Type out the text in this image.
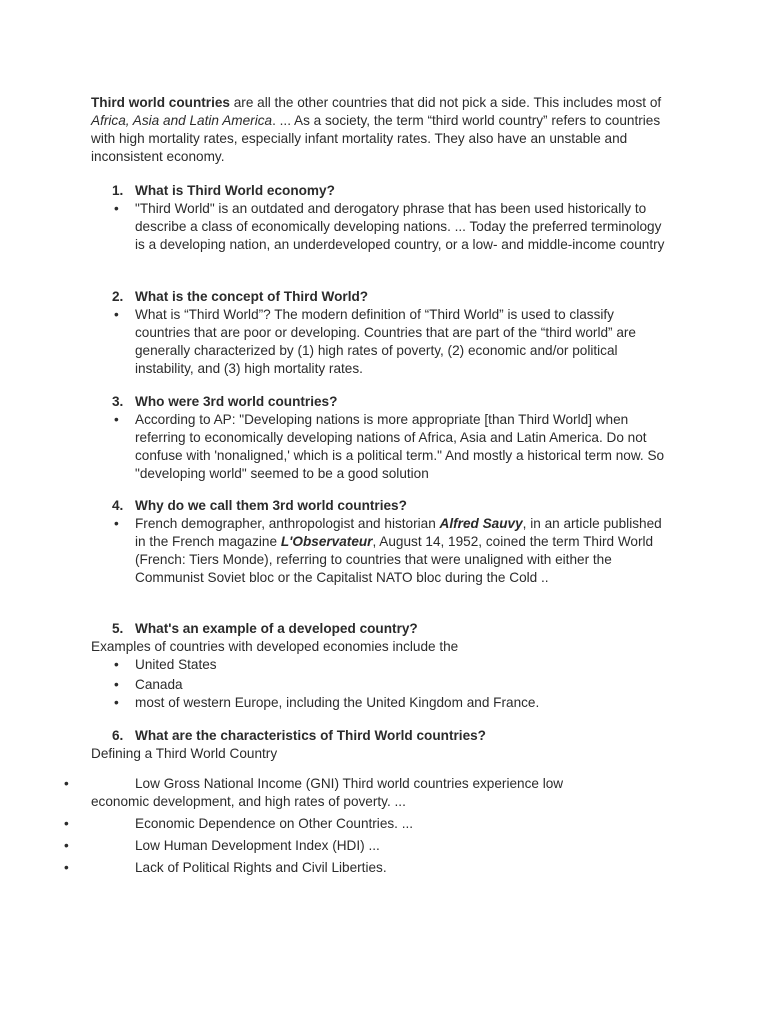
Third world countries are all the other countries that did not pick a side. This includes most of Africa, Asia and Latin America. ... As a society, the term “third world country” refers to countries with high mortality rates, especially infant mortality rates. They also have an unstable and inconsistent economy.

1. What is Third World economy?
• "Third World" is an outdated and derogatory phrase that has been used historically to describe a class of economically developing nations. ... Today the preferred terminology is a developing nation, an underdeveloped country, or a low- and middle-income country
2. What is the concept of Third World?
• What is “Third World”? The modern definition of “Third World” is used to classify countries that are poor or developing. Countries that are part of the “third world” are generally characterized by (1) high rates of poverty, (2) economic and/or political instability, and (3) high mortality rates.
3. Who were 3rd world countries?
• According to AP: "Developing nations is more appropriate [than Third World] when referring to economically developing nations of Africa, Asia and Latin America. Do not confuse with 'nonaligned,' which is a political term." And mostly a historical term now. So "developing world" seemed to be a good solution
4. Why do we call them 3rd world countries?
• French demographer, anthropologist and historian Alfred Sauvy, in an article published in the French magazine L'Observateur, August 14, 1952, coined the term Third World (French: Tiers Monde), referring to countries that were unaligned with either the Communist Soviet bloc or the Capitalist NATO bloc during the Cold ..
5. What's an example of a developed country?

Examples of countries with developed economies include the

• United States
• Canada
• most of western Europe, including the United Kingdom and France.
6. What are the characteristics of Third World countries?

Defining a Third World Country

•	Low Gross National Income (GNI) Third world countries experience low
economic development, and high rates of poverty. ...
•	Economic Dependence on Other Countries. ...
•	Low Human Development Index (HDI) ...
•	Lack of Political Rights and Civil Liberties.
